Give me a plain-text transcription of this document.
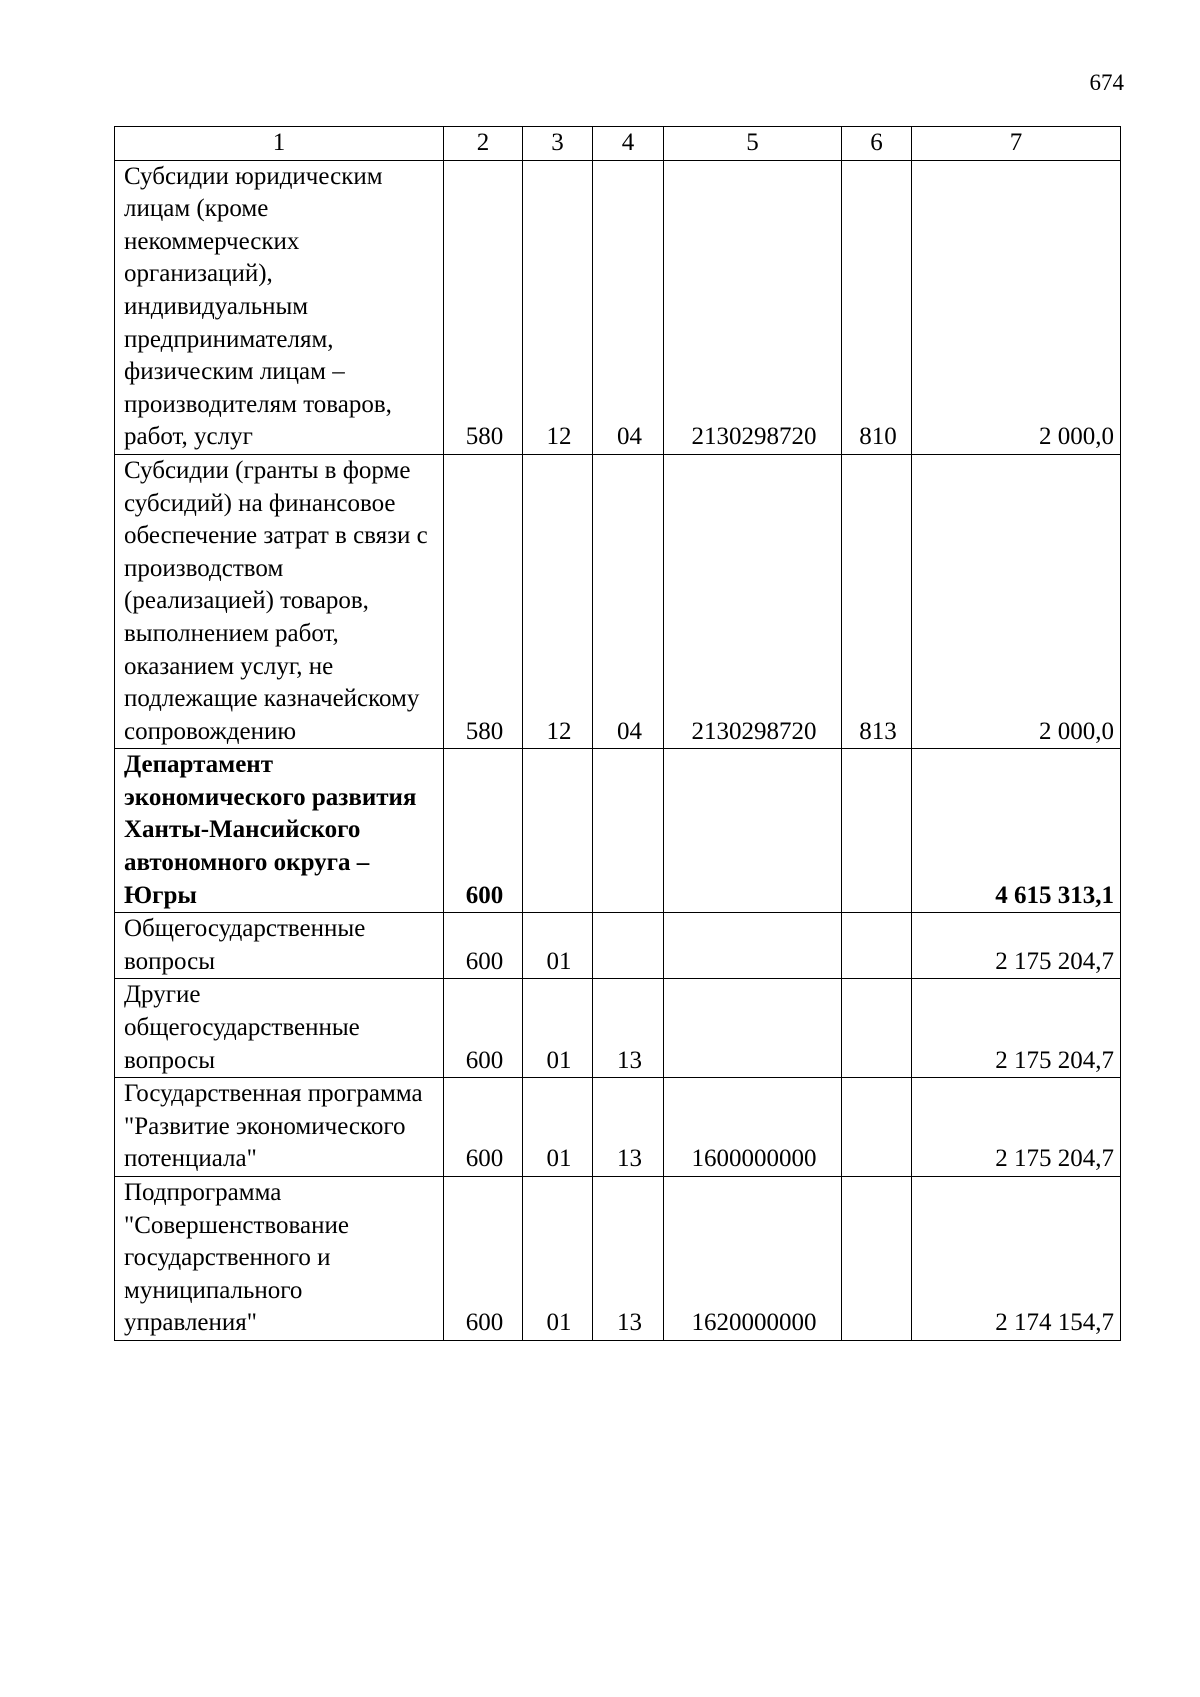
674
1	2	3	4	5	6	7
Субсидии юридическим лицам (кроме некоммерческих организаций), индивидуальным предпринимателям, физическим лицам – производителям товаров, работ, услуг	580	12	04	2130298720	810	2 000,0
Субсидии (гранты в форме субсидий) на финансовое обеспечение затрат в связи с производством (реализацией) товаров, выполнением работ, оказанием услуг, не подлежащие казначейскому сопровождению	580	12	04	2130298720	813	2 000,0
Департамент экономического развития Ханты-Мансийского автономного округа – Югры	600					4 615 313,1
Общегосударственные вопросы	600	01				2 175 204,7
Другие общегосударственные вопросы	600	01	13			2 175 204,7
Государственная программа "Развитие экономического потенциала"	600	01	13	1600000000		2 175 204,7
Подпрограмма "Совершенствование государственного и муниципального управления"	600	01	13	1620000000		2 174 154,7
